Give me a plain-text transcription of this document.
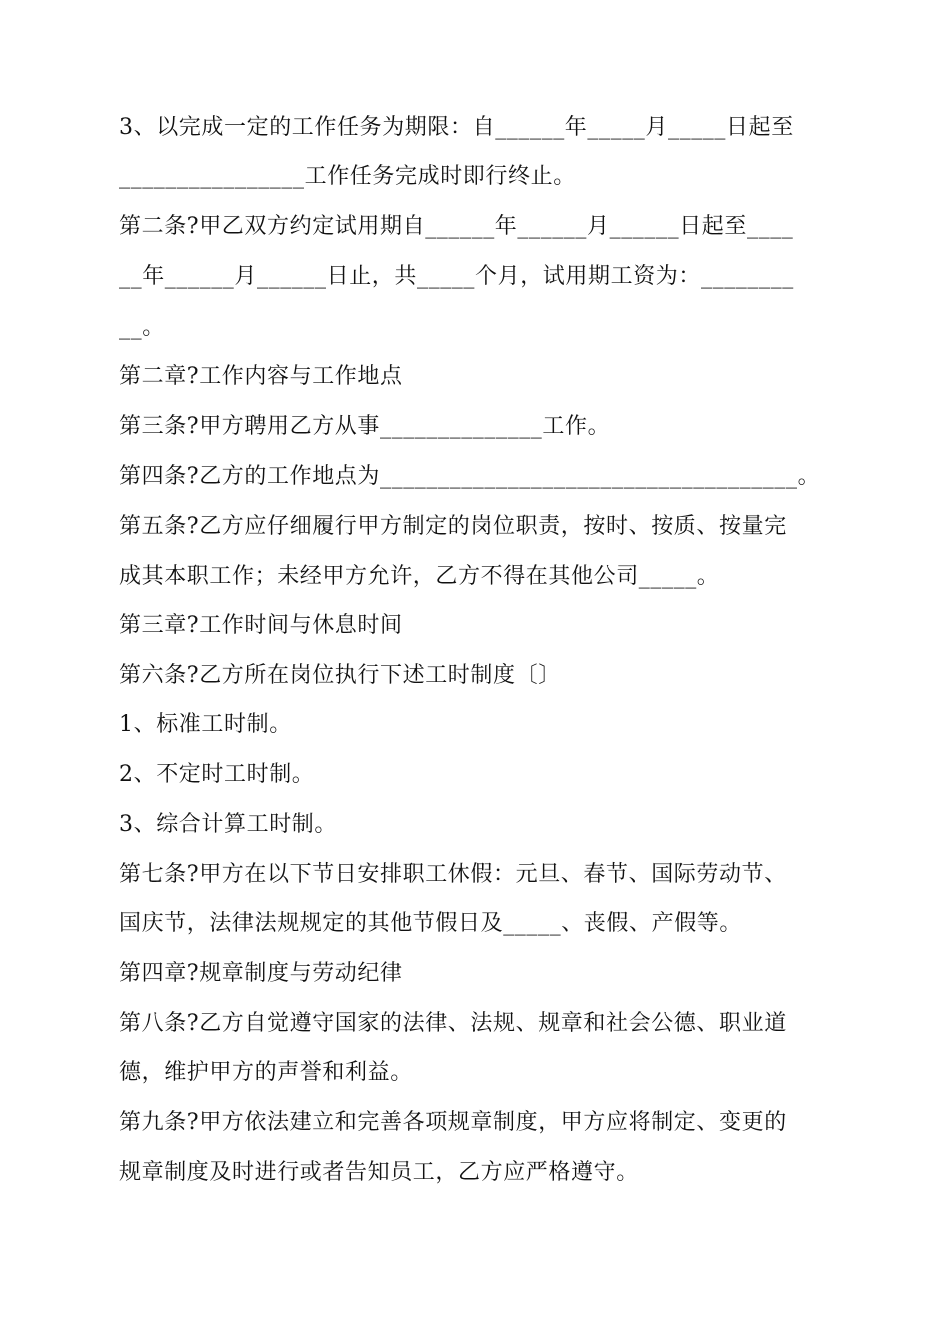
3、以完成一定的工作任务为期限：自______年_____月_____日起至
________________工作任务完成时即行终止。
第二条?甲乙双方约定试用期自______年______月______日起至____
__年______月______日止，共_____个月，试用期工资为：________
__。
第二章?工作内容与工作地点
第三条?甲方聘用乙方从事______________工作。
第四条?乙方的工作地点为____________________________________。
第五条?乙方应仔细履行甲方制定的岗位职责，按时、按质、按量完
成其本职工作；未经甲方允许，乙方不得在其他公司_____。
第三章?工作时间与休息时间
第六条?乙方所在岗位执行下述工时制度〔〕
1、标准工时制。
2、不定时工时制。
3、综合计算工时制。
第七条?甲方在以下节日安排职工休假：元旦、春节、国际劳动节、
国庆节，法律法规规定的其他节假日及_____、丧假、产假等。
第四章?规章制度与劳动纪律
第八条?乙方自觉遵守国家的法律、法规、规章和社会公德、职业道
德，维护甲方的声誉和利益。
第九条?甲方依法建立和完善各项规章制度，甲方应将制定、变更的
规章制度及时进行或者告知员工，乙方应严格遵守。
